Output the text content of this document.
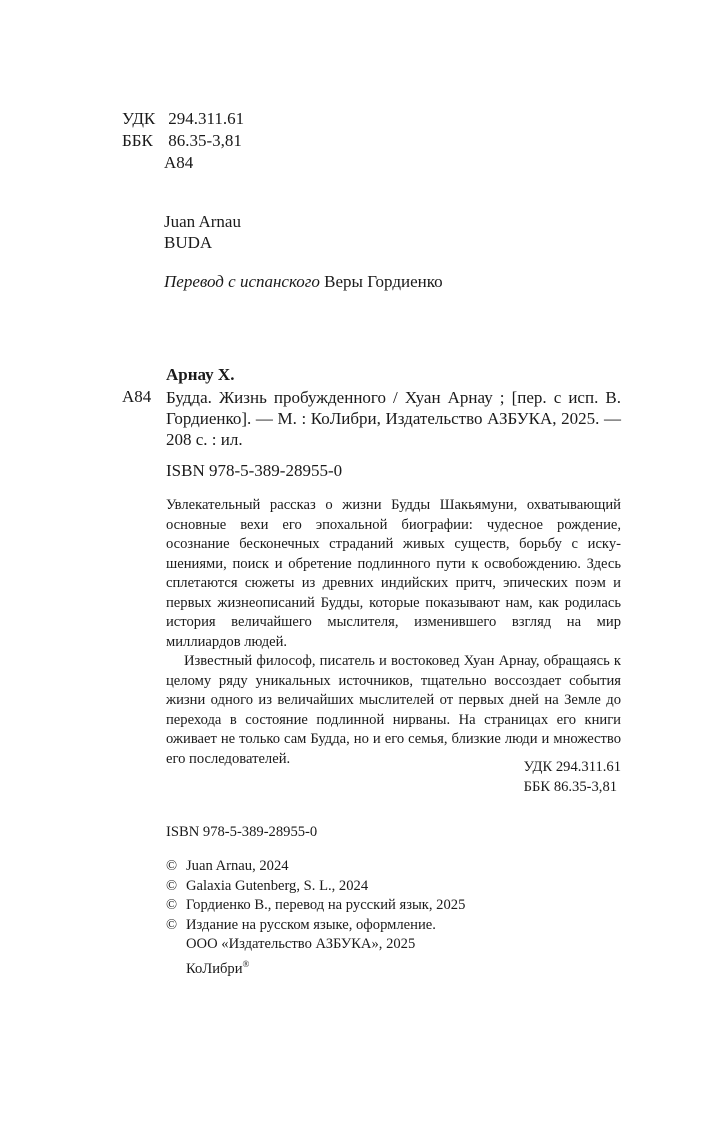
УДК 294.311.61
ББК 86.35-3,81
А84
Juan Arnau
BUDA
Перевод с испанского Веры Гордиенко
Арнау Х.
А84 Будда. Жизнь пробужденного / Хуан Арнау ; [пер. с исп. В. Гордиенко]. — М. : КоЛибри, Издательство АЗБУКА, 2025. — 208 с. : ил.
ISBN 978-5-389-28955-0

Увлекательный рассказ о жизни Будды Шакьямуни, охватывающий основные вехи его эпохальной биографии: чудесное рождение, осознание бесконечных страданий живых существ, борьбу с искушениями, поиск и обретение подлинного пути к освобождению. Здесь сплетаются сюжеты из древних индийских притч, эпических поэм и первых жизнеописаний Будды, которые показывают нам, как родилась история величайшего мыслителя, изменившего взгляд на мир миллиардов людей.

Известный философ, писатель и востоковед Хуан Арнау, обращаясь к целому ряду уникальных источников, тщательно воссоздает события жизни одного из величайших мыслителей от первых дней на Земле до перехода в состояние подлинной нирваны. На страницах его книги оживает не только сам Будда, но и его семья, близкие люди и множество его последователей.

УДК 294.311.61
ББК 86.35-3,81
ISBN 978-5-389-28955-0
© Juan Arnau, 2024
© Galaxia Gutenberg, S. L., 2024
© Гордиенко В., перевод на русский язык, 2025
© Издание на русском языке, оформление.
ООО «Издательство АЗБУКА», 2025
КоЛибри®
